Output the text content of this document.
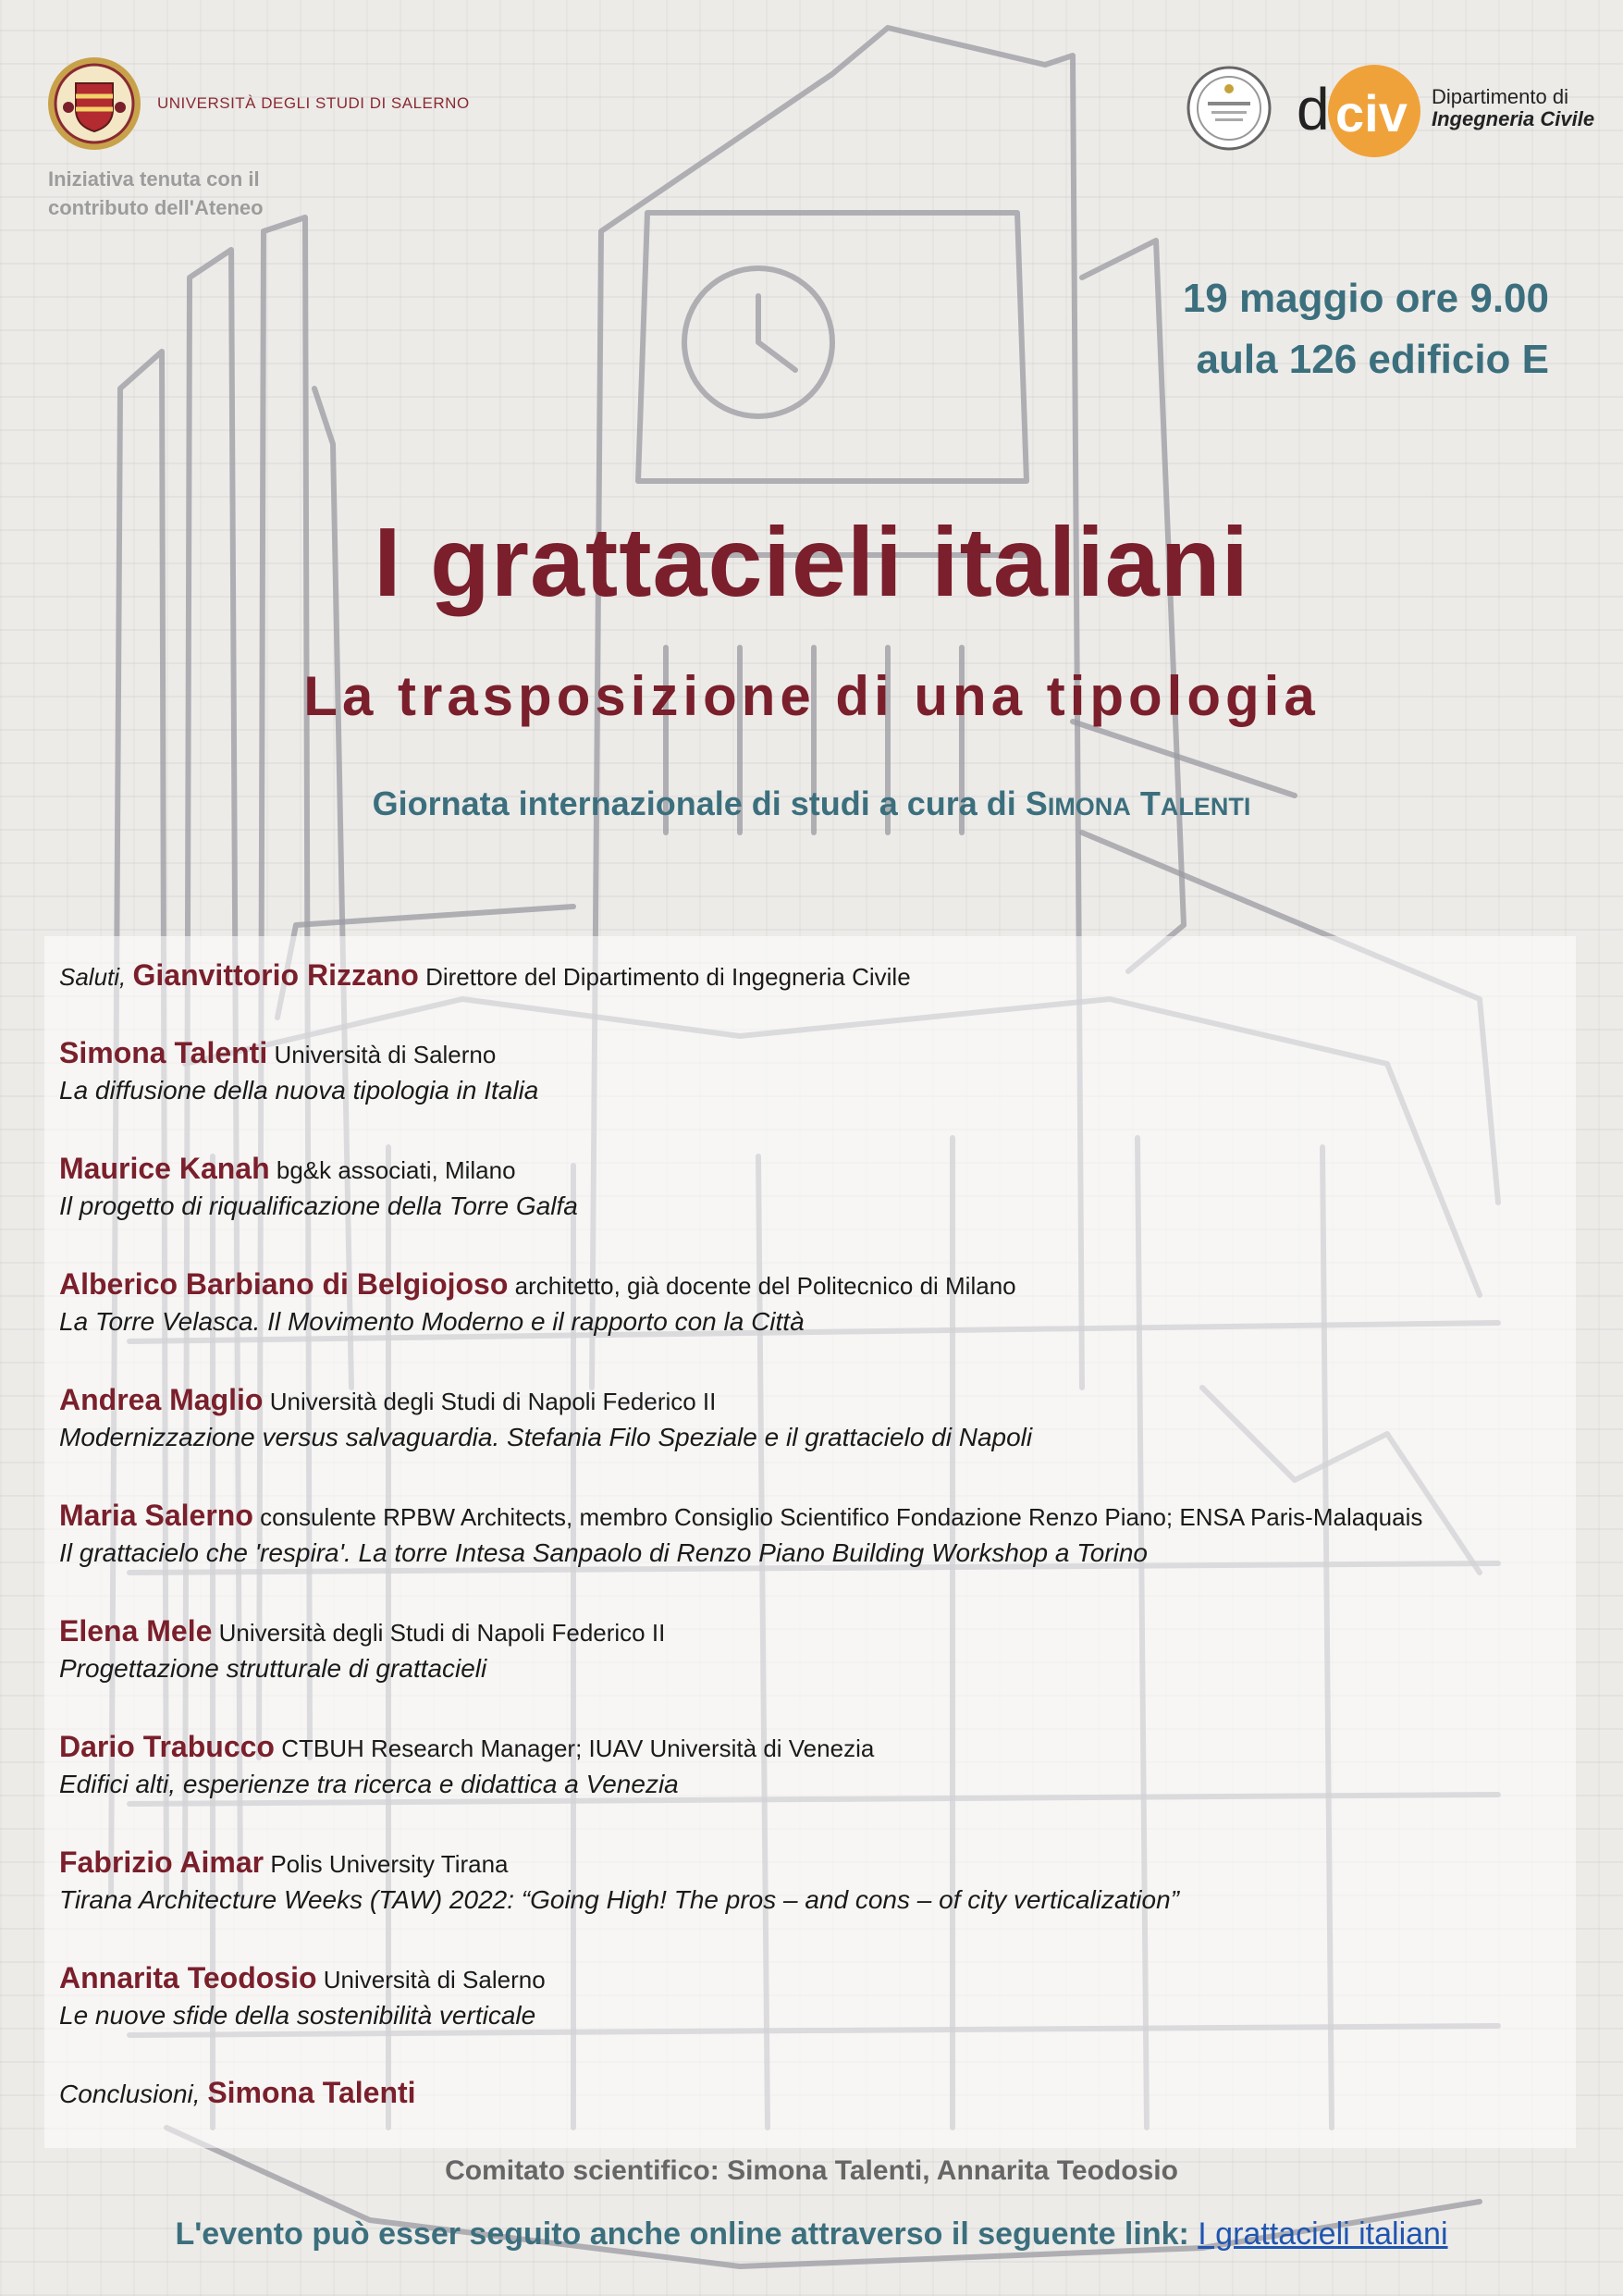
UNIVERSITÀ DEGLI STUDI DI SALERNO
Iniziativa tenuta con il
contributo dell'Ateneo
d civ Dipartimento di
Ingegneria Civile
19 maggio ore 9.00
aula 126 edificio E
I grattacieli italiani
La trasposizione di una tipologia
Giornata internazionale di studi a cura di SIMONA TALENTI
Saluti, Gianvittorio Rizzano Direttore del Dipartimento di Ingegneria Civile
Simona Talenti Università di Salerno
La diffusione della nuova tipologia in Italia
Maurice Kanah bg&k associati, Milano
Il progetto di riqualificazione della Torre Galfa
Alberico Barbiano di Belgiojoso architetto, già docente del Politecnico di Milano
La Torre Velasca. Il Movimento Moderno e il rapporto con la Città
Andrea Maglio Università degli Studi di Napoli Federico II
Modernizzazione versus salvaguardia. Stefania Filo Speziale e il grattacielo di Napoli
Maria Salerno consulente RPBW Architects, membro Consiglio Scientifico Fondazione Renzo Piano; ENSA Paris-Malaquais
Il grattacielo che 'respira'. La torre Intesa Sanpaolo di Renzo Piano Building Workshop a Torino
Elena Mele Università degli Studi di Napoli Federico II
Progettazione strutturale di grattacieli
Dario Trabucco CTBUH Research Manager; IUAV Università di Venezia
Edifici alti, esperienze tra ricerca e didattica a Venezia
Fabrizio Aimar Polis University Tirana
Tirana Architecture Weeks (TAW) 2022: “Going High! The pros – and cons – of city verticalization”
Annarita Teodosio Università di Salerno
Le nuove sfide della sostenibilità verticale
Conclusioni, Simona Talenti
Comitato scientifico: Simona Talenti, Annarita Teodosio
L'evento può esser seguito anche online attraverso il seguente link: I grattacieli italiani
